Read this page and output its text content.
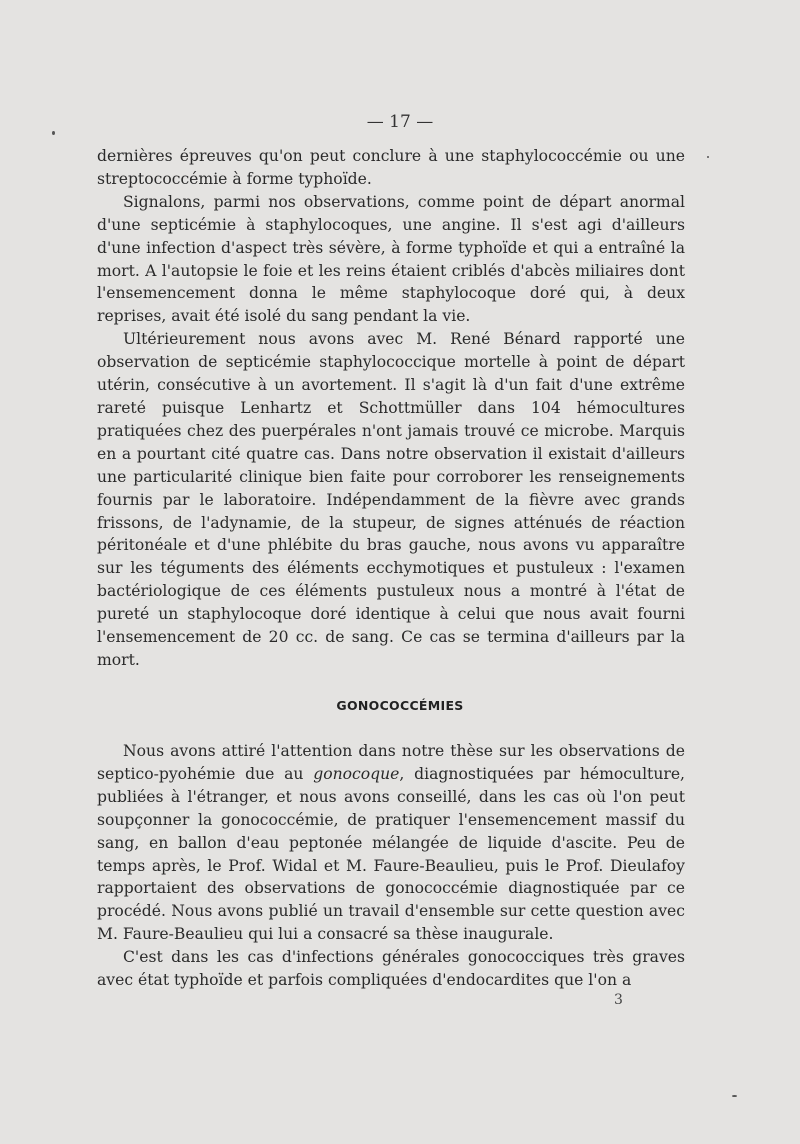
— 17 —

dernières épreuves qu'on peut conclure à une staphylococcémie ou une streptococcémie à forme typhoïde.

Signalons, parmi nos observations, comme point de départ anormal d'une septicémie à staphylocoques, une angine. Il s'est agi d'ailleurs d'une infection d'aspect très sévère, à forme typhoïde et qui a entraîné la mort. A l'autopsie le foie et les reins étaient criblés d'abcès miliaires dont l'ensemencement donna le même staphylocoque doré qui, à deux reprises, avait été isolé du sang pendant la vie.

Ultérieurement nous avons avec M. René Bénard rapporté une observation de septicémie staphylococcique mortelle à point de départ utérin, consécutive à un avortement. Il s'agit là d'un fait d'une extrême rareté puisque Lenhartz et Schottmüller dans 104 hémocultures pratiquées chez des puerpérales n'ont jamais trouvé ce microbe. Marquis en a pourtant cité quatre cas. Dans notre observation il existait d'ailleurs une particularité clinique bien faite pour corroborer les renseignements fournis par le laboratoire. Indépendamment de la fièvre avec grands frissons, de l'adynamie, de la stupeur, de signes atténués de réaction péritonéale et d'une phlébite du bras gauche, nous avons vu apparaître sur les téguments des éléments ecchymotiques et pustuleux : l'examen bactériologique de ces éléments pustuleux nous a montré à l'état de pureté un staphylocoque doré identique à celui que nous avait fourni l'ensemencement de 20 cc. de sang. Ce cas se termina d'ailleurs par la mort.

GONOCOCCÉMIES

Nous avons attiré l'attention dans notre thèse sur les observations de septico-pyohémie due au gonocoque, diagnostiquées par hémoculture, publiées à l'étranger, et nous avons conseillé, dans les cas où l'on peut soupçonner la gonococcémie, de pratiquer l'ensemencement massif du sang, en ballon d'eau peptonée mélangée de liquide d'ascite. Peu de temps après, le Prof. Widal et M. Faure-Beaulieu, puis le Prof. Dieulafoy rapportaient des observations de gonococcémie diagnostiquée par ce procédé. Nous avons publié un travail d'ensemble sur cette question avec M. Faure-Beaulieu qui lui a consacré sa thèse inaugurale.

C'est dans les cas d'infections générales gonococciques très graves avec état typhoïde et parfois compliquées d'endocardites que l'on a

3
